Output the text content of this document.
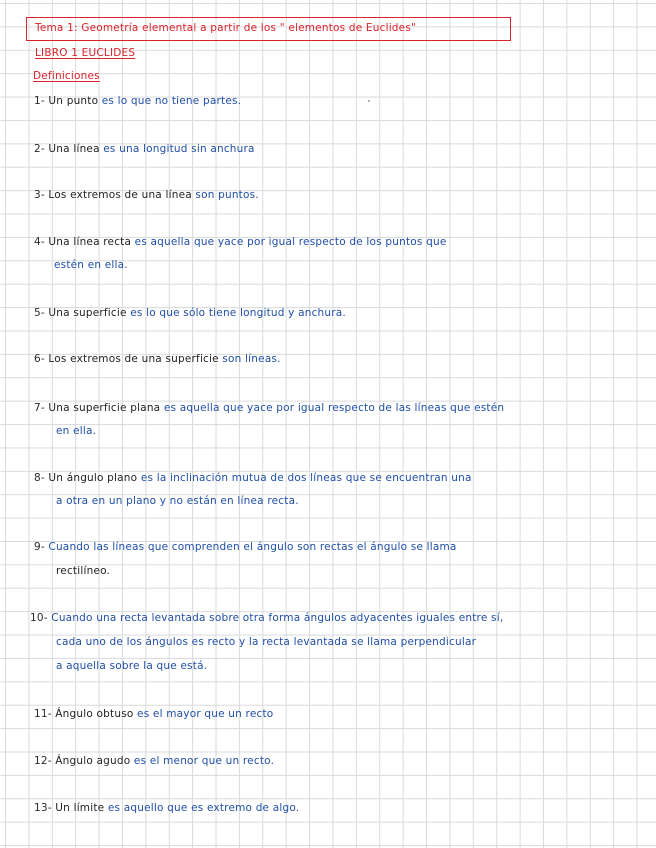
Tema 1: Geometría elemental a partir de los " elementos de Euclides"
LIBRO 1 EUCLIDES
Definiciones
1- Un punto es lo que no tiene partes.
2- Una línea es una longitud sin anchura
3- Los extremos de una línea son puntos.
4- Una línea recta es aquella que yace por igual respecto de los puntos que
estén en ella.
5- Una superficie es lo que sólo tiene longitud y anchura.
6- Los extremos de una superficie son líneas.
7- Una superficie plana es aquella que yace por igual respecto de las líneas que estén
en ella.
8- Un ángulo plano es la inclinación mutua de dos líneas que se encuentran una
a otra en un plano y no están en línea recta.
9- Cuando las líneas que comprenden el ángulo son rectas el ángulo se llama
rectilíneo.
10- Cuando una recta levantada sobre otra forma ángulos adyacentes iguales entre sí,
cada uno de los ángulos es recto y la recta levantada se llama perpendicular
a aquella sobre la que está.
11- Ángulo obtuso es el mayor que un recto
12- Ángulo agudo es el menor que un recto.
13- Un límite es aquello que es extremo de algo.
